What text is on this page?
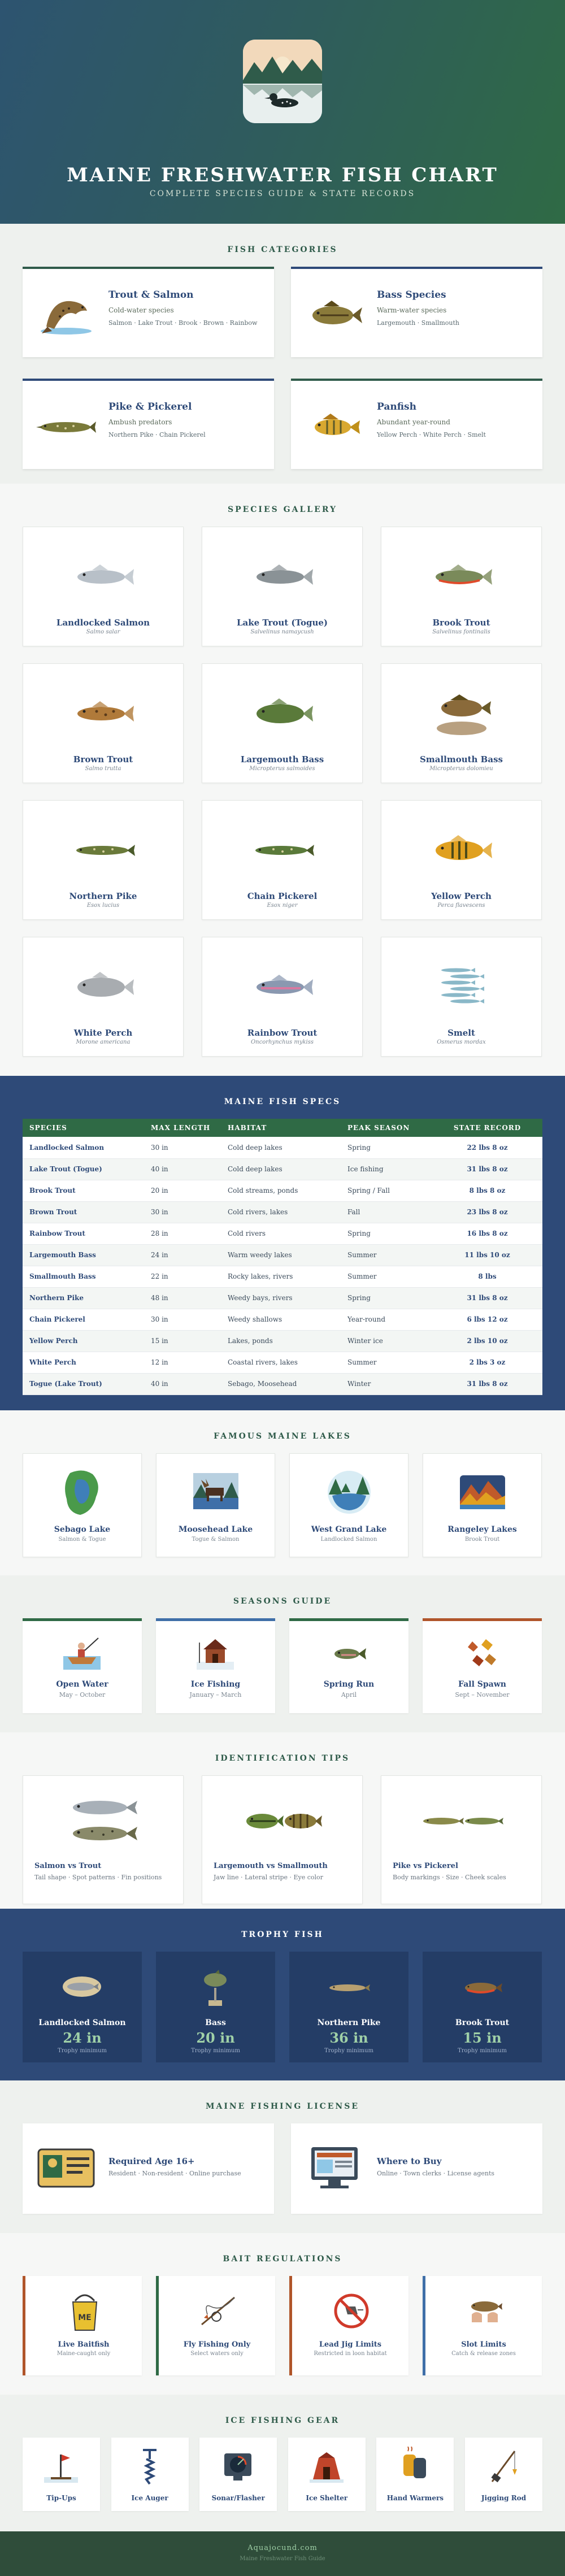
MAINE FRESHWATER FISH CHART
COMPLETE SPECIES GUIDE & STATE RECORDS
FISH CATEGORIES
Trout & Salmon
Cold-water species
Salmon · Lake Trout · Brook · Brown · Rainbow
Bass Species
Warm-water species
Largemouth · Smallmouth
Pike & Pickerel
Ambush predators
Northern Pike · Chain Pickerel
Panfish
Abundant year-round
Yellow Perch · White Perch · Smelt
SPECIES GALLERY
Landlocked Salmon
Salmo salar
Lake Trout (Togue)
Salvelinus namaycush
Brook Trout
Salvelinus fontinalis
Brown Trout
Salmo trutta
Largemouth Bass
Micropterus salmoides
Smallmouth Bass
Micropterus dolomieu
Northern Pike
Esox lucius
Chain Pickerel
Esox niger
Yellow Perch
Perca flavescens
White Perch
Morone americana
Rainbow Trout
Oncorhynchus mykiss
Smelt
Osmerus mordax
MAINE FISH SPECS
SPECIES	MAX LENGTH	HABITAT	PEAK SEASON	STATE RECORD
Landlocked Salmon	30 in	Cold deep lakes	Spring	22 lbs 8 oz
Lake Trout (Togue)	40 in	Cold deep lakes	Ice fishing	31 lbs 8 oz
Brook Trout	20 in	Cold streams, ponds	Spring / Fall	8 lbs 8 oz
Brown Trout	30 in	Cold rivers, lakes	Fall	23 lbs 8 oz
Rainbow Trout	28 in	Cold rivers	Spring	16 lbs 8 oz
Largemouth Bass	24 in	Warm weedy lakes	Summer	11 lbs 10 oz
Smallmouth Bass	22 in	Rocky lakes, rivers	Summer	8 lbs
Northern Pike	48 in	Weedy bays, rivers	Spring	31 lbs 8 oz
Chain Pickerel	30 in	Weedy shallows	Year-round	6 lbs 12 oz
Yellow Perch	15 in	Lakes, ponds	Winter ice	2 lbs 10 oz
White Perch	12 in	Coastal rivers, lakes	Summer	2 lbs 3 oz
Togue (Lake Trout)	40 in	Sebago, Moosehead	Winter	31 lbs 8 oz
FAMOUS MAINE LAKES
Sebago Lake
Salmon & Togue
Moosehead Lake
Togue & Salmon
West Grand Lake
Landlocked Salmon
Rangeley Lakes
Brook Trout
SEASONS GUIDE
Open Water
May – October
Ice Fishing
January – March
Spring Run
April
Fall Spawn
Sept – November
IDENTIFICATION TIPS
Salmon vs Trout
Tail shape · Spot patterns · Fin positions
Largemouth vs Smallmouth
Jaw line · Lateral stripe · Eye color
Pike vs Pickerel
Body markings · Size · Cheek scales
TROPHY FISH
Landlocked Salmon
24 in
Trophy minimum
Bass
20 in
Trophy minimum
Northern Pike
36 in
Trophy minimum
Brook Trout
15 in
Trophy minimum
MAINE FISHING LICENSE
Required Age 16+
Resident · Non-resident · Online purchase
Where to Buy
Online · Town clerks · License agents
BAIT REGULATIONS
ME
Live Baitfish
Maine-caught only
Fly Fishing Only
Select waters only
Lead Jig Limits
Restricted in loon habitat
Slot Limits
Catch & release zones
ICE FISHING GEAR
Tip-Ups	Ice Auger	Sonar/Flasher	Ice Shelter	Hand Warmers	Jigging Rod
Aquajocund.com
Maine Freshwater Fish Guide
